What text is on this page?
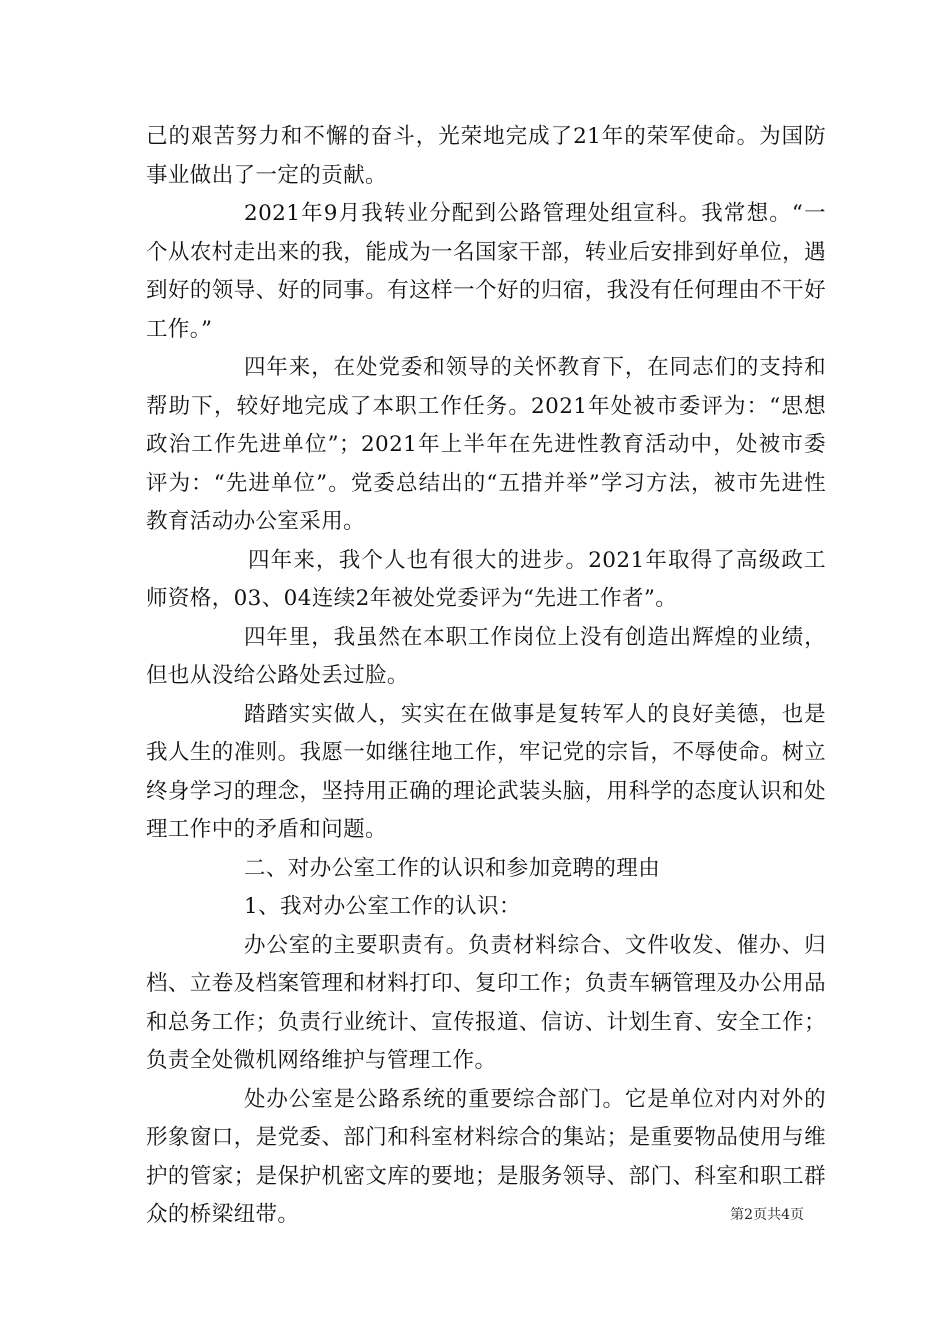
己的艰苦努力和不懈的奋斗，光荣地完成了21年的荣军使命。为国防事业做出了一定的贡献。

2021年9月我转业分配到公路管理处组宣科。我常想。“一个从农村走出来的我，能成为一名国家干部，转业后安排到好单位，遇到好的领导、好的同事。有这样一个好的归宿，我没有任何理由不干好工作。”

四年来，在处党委和领导的关怀教育下，在同志们的支持和帮助下，较好地完成了本职工作任务。2021年处被市委评为：“思想政治工作先进单位”；2021年上半年在先进性教育活动中，处被市委评为：“先进单位”。党委总结出的“五措并举”学习方法，被市先进性教育活动办公室采用。

四年来，我个人也有很大的进步。2021年取得了高级政工师资格，03、04连续2年被处党委评为“先进工作者”。

四年里，我虽然在本职工作岗位上没有创造出辉煌的业绩，但也从没给公路处丢过脸。

踏踏实实做人，实实在在做事是复转军人的良好美德，也是我人生的准则。我愿一如继往地工作，牢记党的宗旨，不辱使命。树立终身学习的理念，坚持用正确的理论武装头脑，用科学的态度认识和处理工作中的矛盾和问题。

二、对办公室工作的认识和参加竞聘的理由

1、我对办公室工作的认识：

办公室的主要职责有。负责材料综合、文件收发、催办、归档、立卷及档案管理和材料打印、复印工作；负责车辆管理及办公用品和总务工作；负责行业统计、宣传报道、信访、计划生育、安全工作；负责全处微机网络维护与管理工作。

处办公室是公路系统的重要综合部门。它是单位对内对外的形象窗口，是党委、部门和科室材料综合的集站；是重要物品使用与维护的管家；是保护机密文库的要地；是服务领导、部门、科室和职工群众的桥梁纽带。	第2页共4页
